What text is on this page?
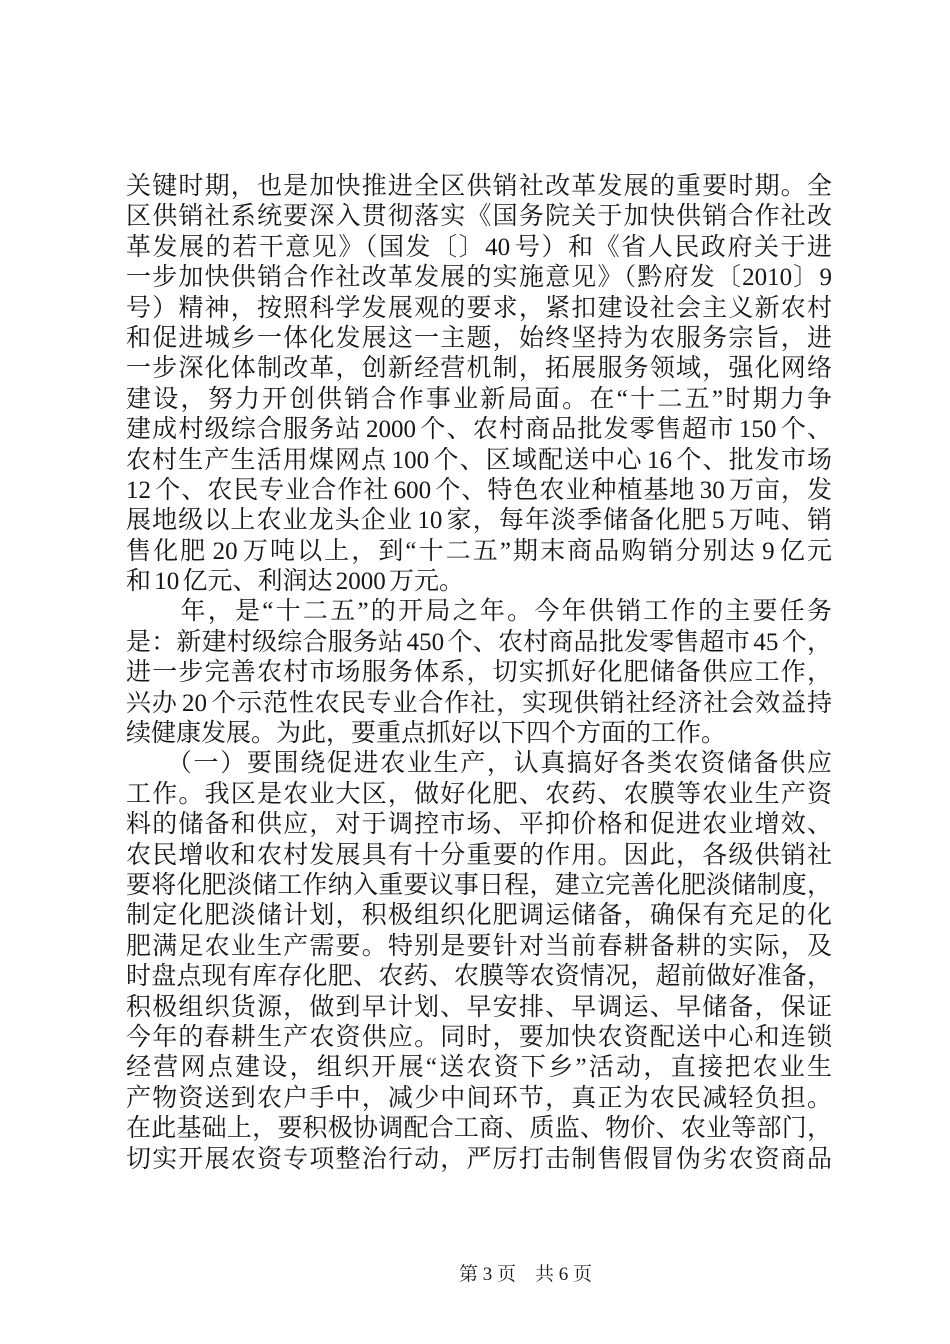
关键时期，也是加快推进全区供销社改革发展的重要时期。全
区供销社系统要深入贯彻落实《国务院关于加快供销合作社改
革发展的若干意见》（国发〔〕40 号）和《省人民政府关于进
一步加快供销合作社改革发展的实施意见》（黔府发〔2010〕9
号）精神，按照科学发展观的要求，紧扣建设社会主义新农村
和促进城乡一体化发展这一主题，始终坚持为农服务宗旨，进
一步深化体制改革，创新经营机制，拓展服务领域，强化网络
建设，努力开创供销合作事业新局面。在“十二五”时期力争
建成村级综合服务站 2000 个、农村商品批发零售超市 150 个、
农村生产生活用煤网点 100 个、区域配送中心 16 个、批发市场
12 个、农民专业合作社 600 个、特色农业种植基地 30 万亩，发
展地级以上农业龙头企业 10 家，每年淡季储备化肥 5 万吨、销
售化肥 20 万吨以上，到“十二五”期末商品购销分别达 9 亿元
和 10 亿元、利润达 2000 万元。
　　年，是“十二五”的开局之年。今年供销工作的主要任务
是：新建村级综合服务站 450 个、农村商品批发零售超市 45 个，
进一步完善农村市场服务体系，切实抓好化肥储备供应工作，
兴办 20 个示范性农民专业合作社，实现供销社经济社会效益持
续健康发展。为此，要重点抓好以下四个方面的工作。
　　（一）要围绕促进农业生产，认真搞好各类农资储备供应
工作。我区是农业大区，做好化肥、农药、农膜等农业生产资
料的储备和供应，对于调控市场、平抑价格和促进农业增效、
农民增收和农村发展具有十分重要的作用。因此，各级供销社
要将化肥淡储工作纳入重要议事日程，建立完善化肥淡储制度，
制定化肥淡储计划，积极组织化肥调运储备，确保有充足的化
肥满足农业生产需要。特别是要针对当前春耕备耕的实际，及
时盘点现有库存化肥、农药、农膜等农资情况，超前做好准备，
积极组织货源，做到早计划、早安排、早调运、早储备，保证
今年的春耕生产农资供应。同时，要加快农资配送中心和连锁
经营网点建设，组织开展“送农资下乡”活动，直接把农业生
产物资送到农户手中，减少中间环节，真正为农民减轻负担。
在此基础上，要积极协调配合工商、质监、物价、农业等部门，
切实开展农资专项整治行动，严厉打击制售假冒伪劣农资商品

第 3 页　共 6 页
